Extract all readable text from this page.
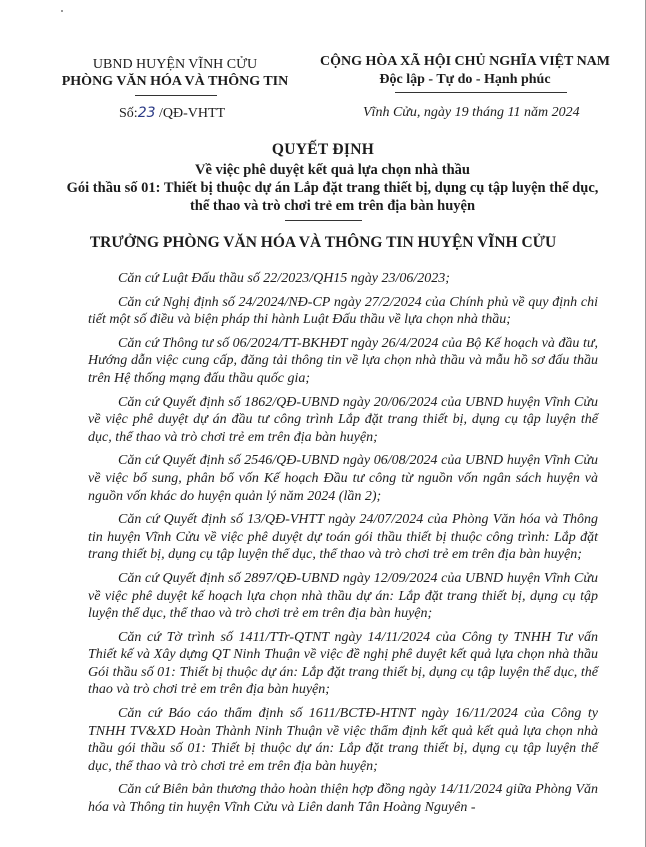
UBND HUYỆN VĨNH CỬU
PHÒNG VĂN HÓA VÀ THÔNG TIN
CỘNG HÒA XÃ HỘI CHỦ NGHĨA VIỆT NAM
Độc lập - Tự do - Hạnh phúc
Số:23 /QĐ-VHTT	Vĩnh Cửu, ngày 19 tháng 11 năm 2024
QUYẾT ĐỊNH
Về việc phê duyệt kết quả lựa chọn nhà thầu
Gói thầu số 01: Thiết bị thuộc dự án Lắp đặt trang thiết bị, dụng cụ tập luyện thể dục, thể thao và trò chơi trẻ em trên địa bàn huyện
TRƯỞNG PHÒNG VĂN HÓA VÀ THÔNG TIN HUYỆN VĨNH CỬU

Căn cứ Luật Đấu thầu số 22/2023/QH15 ngày 23/06/2023;

Căn cứ Nghị định số 24/2024/NĐ-CP ngày 27/2/2024 của Chính phủ về quy định chi tiết một số điều và biện pháp thi hành Luật Đấu thầu về lựa chọn nhà thầu;

Căn cứ Thông tư số 06/2024/TT-BKHĐT ngày 26/4/2024 của Bộ Kế hoạch và đầu tư, Hướng dẫn việc cung cấp, đăng tải thông tin về lựa chọn nhà thầu và mẫu hồ sơ đấu thầu trên Hệ thống mạng đấu thầu quốc gia;

Căn cứ Quyết định số 1862/QĐ-UBND ngày 20/06/2024 của UBND huyện Vĩnh Cửu về việc phê duyệt dự án đầu tư công trình Lắp đặt trang thiết bị, dụng cụ tập luyện thể dục, thể thao và trò chơi trẻ em trên địa bàn huyện;

Căn cứ Quyết định số 2546/QĐ-UBND ngày 06/08/2024 của UBND huyện Vĩnh Cửu về việc bổ sung, phân bổ vốn Kế hoạch Đầu tư công từ nguồn vốn ngân sách huyện và nguồn vốn khác do huyện quản lý năm 2024 (lần 2);

Căn cứ Quyết định số 13/QĐ-VHTT ngày 24/07/2024 của Phòng Văn hóa và Thông tin huyện Vĩnh Cửu về việc phê duyệt dự toán gói thầu thiết bị thuộc công trình: Lắp đặt trang thiết bị, dụng cụ tập luyện thể dục, thể thao và trò chơi trẻ em trên địa bàn huyện;

Căn cứ Quyết định số 2897/QĐ-UBND ngày 12/09/2024 của UBND huyện Vĩnh Cửu về việc phê duyệt kế hoạch lựa chọn nhà thầu dự án: Lắp đặt trang thiết bị, dụng cụ tập luyện thể dục, thể thao và trò chơi trẻ em trên địa bàn huyện;

Căn cứ Tờ trình số 1411/TTr-QTNT ngày 14/11/2024 của Công ty TNHH Tư vấn Thiết kế và Xây dựng QT Ninh Thuận về việc đề nghị phê duyệt kết quả lựa chọn nhà thầu Gói thầu số 01: Thiết bị thuộc dự án: Lắp đặt trang thiết bị, dụng cụ tập luyện thể dục, thể thao và trò chơi trẻ em trên địa bàn huyện;

Căn cứ Báo cáo thẩm định số 1611/BCTĐ-HTNT ngày 16/11/2024 của Công ty TNHH TV&XD Hoàn Thành Ninh Thuận về việc thẩm định kết quả kết quả lựa chọn nhà thầu gói thầu số 01: Thiết bị thuộc dự án: Lắp đặt trang thiết bị, dụng cụ tập luyện thể dục, thể thao và trò chơi trẻ em trên địa bàn huyện;

Căn cứ Biên bản thương thảo hoàn thiện hợp đồng ngày 14/11/2024 giữa Phòng Văn hóa và Thông tin huyện Vĩnh Cửu và Liên danh Tân Hoàng Nguyên -
